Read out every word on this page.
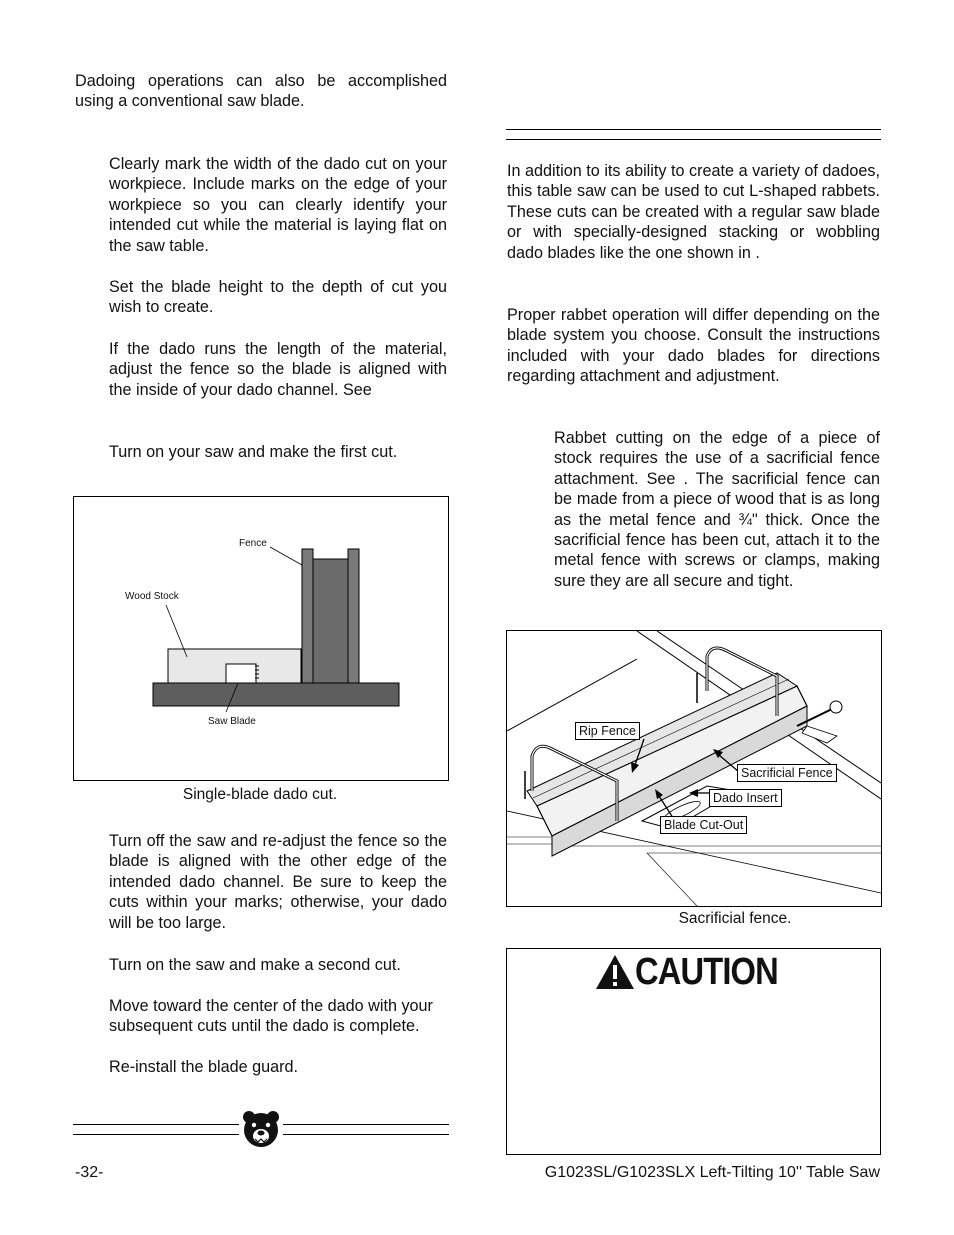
Dadoing operations can also be accomplished using a conventional saw blade.
Clearly mark the width of the dado cut on your workpiece. Include marks on the edge of your workpiece so you can clearly identify your intended cut while the material is laying flat on the saw table.
Set the blade height to the depth of cut you wish to create.
If the dado runs the length of the material, adjust the fence so the blade is aligned with the inside of your dado channel. See
Turn on your saw and make the first cut.
Fence
Wood Stock
Saw Blade
Single-blade dado cut.
Turn off the saw and re-adjust the fence so the blade is aligned with the other edge of the intended dado channel. Be sure to keep the cuts within your marks; otherwise, your dado will be too large.
Turn on the saw and make a second cut.
Move toward the center of the dado with your subsequent cuts until the dado is complete.
Re-install the blade guard.
In addition to its ability to create a variety of dadoes, this table saw can be used to cut L-shaped rabbets. These cuts can be created with a regular saw blade or with specially-designed stacking or wobbling dado blades like the one shown in .
Proper rabbet operation will differ depending on the blade system you choose. Consult the instructions included with your dado blades for directions regarding attachment and adjustment.
Rabbet cutting on the edge of a piece of stock requires the use of a sacrificial fence attachment. See . The sacrificial fence can be made from a piece of wood that is as long as the metal fence and ¾" thick. Once the sacrificial fence has been cut, attach it to the metal fence with screws or clamps, making sure they are all secure and tight.
Rip Fence
Sacrificial Fence
Dado Insert
Blade Cut-Out
Sacrificial fence.
CAUTION
-32-	G1023SL/G1023SLX Left-Tilting 10'' Table Saw
